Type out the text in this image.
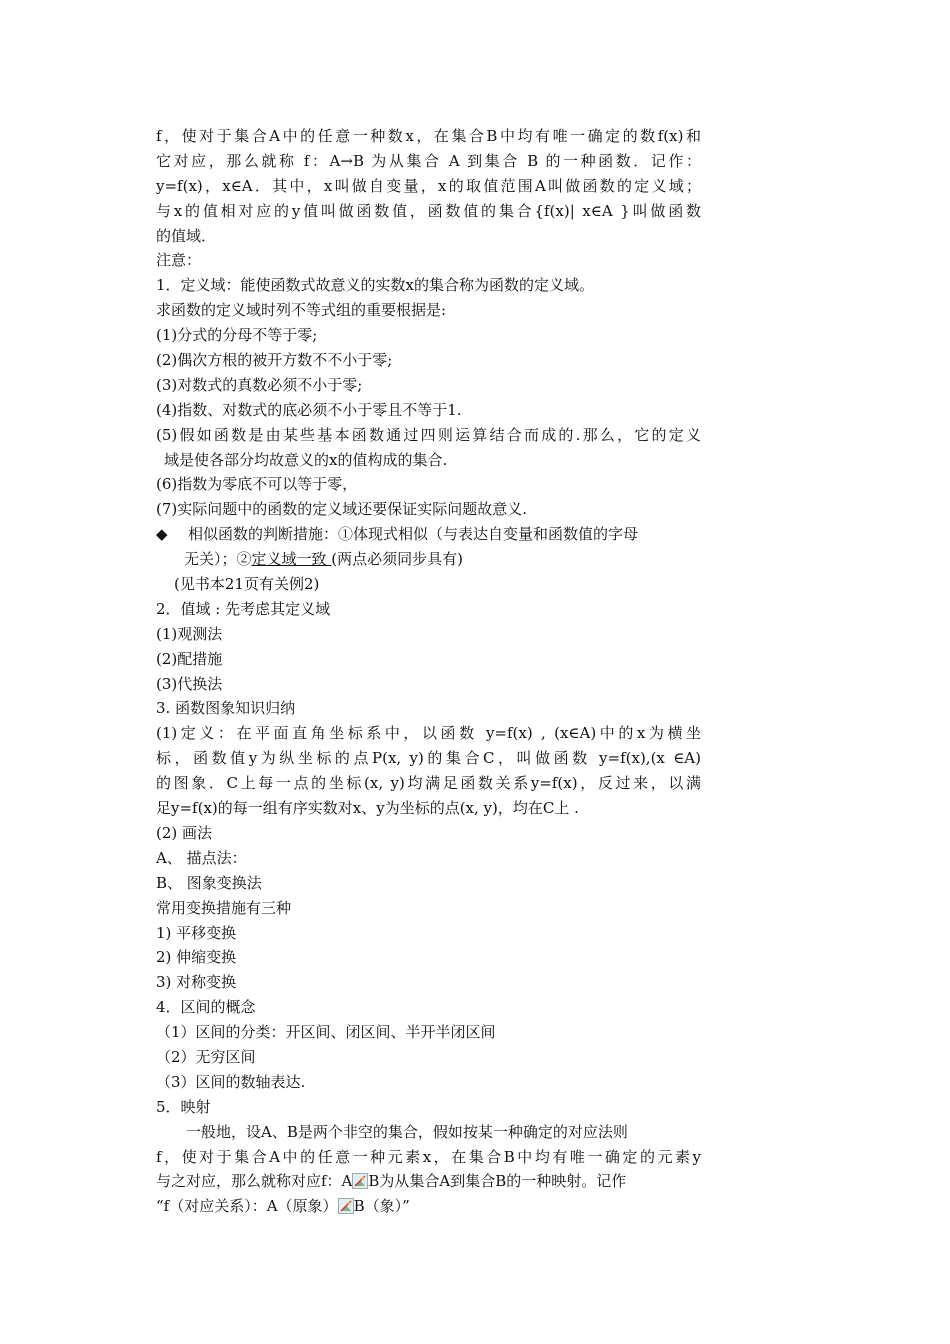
f，使对于集合A中的任意一种数x，在集合B中均有唯一确定的数f(x)和
它对应，那么就称 f：A→B 为从集合 A 到集合 B 的一种函数．记作：
y=f(x)，x∈A．其中，x叫做自变量，x的取值范围A叫做函数的定义域；
与x的值相对应的y值叫做函数值，函数值的集合{f(x)| x∈A }叫做函数
的值域．
注意：
1．定义域：能使函数式故意义的实数x的集合称为函数的定义域。
求函数的定义域时列不等式组的重要根据是:
(1)分式的分母不等于零;
(2)偶次方根的被开方数不不小于零;
(3)对数式的真数必须不小于零;
(4)指数、对数式的底必须不小于零且不等于1.
(5)假如函数是由某些基本函数通过四则运算结合而成的.那么，它的定义
域是使各部分均故意义的x的值构成的集合.
(6)指数为零底不可以等于零，
(7)实际问题中的函数的定义域还要保证实际问题故意义.
◆ 相似函数的判断措施：①体现式相似（与表达自变量和函数值的字母
无关）；②定义域一致 (两点必须同步具有)
(见书本21页有关例2)
2．值域 : 先考虑其定义域
(1)观测法
(2)配措施
(3)代换法
3. 函数图象知识归纳
(1)定义：在平面直角坐标系中，以函数 y=f(x) , (x∈A)中的x为横坐
标，函数值y为纵坐标的点P(x, y)的集合C，叫做函数 y=f(x),(x ∈A)
的图象．C上每一点的坐标(x, y)均满足函数关系y=f(x)，反过来，以满
足y=f(x)的每一组有序实数对x、y为坐标的点(x, y)，均在C上 .
(2) 画法
A、 描点法：
B、 图象变换法
常用变换措施有三种
1) 平移变换
2) 伸缩变换
3) 对称变换
4．区间的概念
（1）区间的分类：开区间、闭区间、半开半闭区间
（2）无穷区间
（3）区间的数轴表达.
5．映射
一般地，设A、B是两个非空的集合，假如按某一种确定的对应法则
f，使对于集合A中的任意一种元素x，在集合B中均有唯一确定的元素y
与之对应，那么就称对应f：A B为从集合A到集合B的一种映射。记作
“f（对应关系）：A（原象） B（象）”
